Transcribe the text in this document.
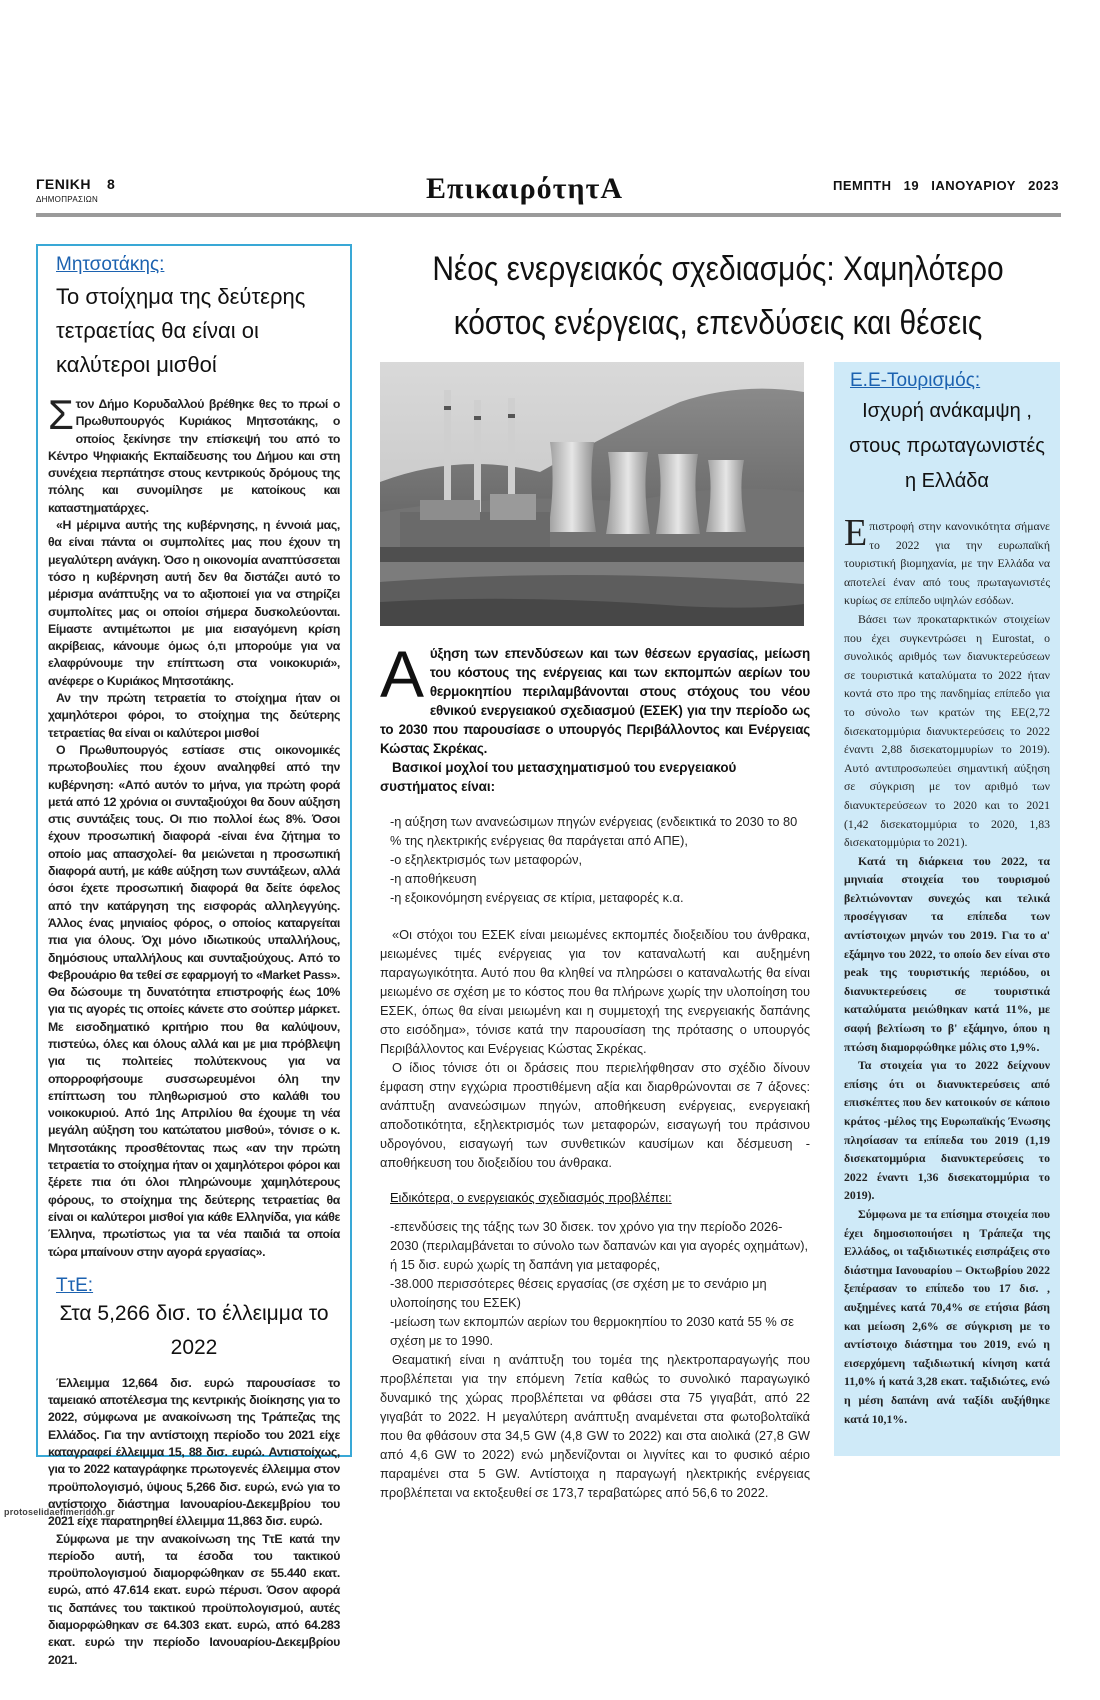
ΓΕΝΙΚΗ 8
ΔΗΜΟΠΡΑΣΙΩΝ	ΕπικαιρότητΑ	ΠΕΜΠΤΗ 19 ΙΑΝΟΥΑΡΙΟΥ 2023
Μητσοτάκης:
Το στοίχημα της δεύτερης τετραετίας θα είναι οι καλύτεροι μισθοί

Στον Δήμο Κορυδαλλού βρέθηκε θες το πρωί ο Πρωθυπουργός Κυριάκος Μητσοτάκης, ο οποίος ξεκίνησε την επίσκεψή του από το Κέντρο Ψηφιακής Εκπαίδευσης του Δήμου και στη συνέχεια περπάτησε στους κεντρικούς δρόμους της πόλης και συνομίλησε με κατοίκους και καταστηματάρχες.

«Η μέριμνα αυτής της κυβέρνησης, η έννοιά μας, θα είναι πάντα οι συμπολίτες μας που έχουν τη μεγαλύτερη ανάγκη. Όσο η οικονομία αναπτύσσεται τόσο η κυβέρνηση αυτή δεν θα διστάζει αυτό το μέρισμα ανάπτυξης να το αξιοποιεί για να στηρίζει συμπολίτες μας οι οποίοι σήμερα δυσκολεύονται. Είμαστε αντιμέτωποι με μια εισαγόμενη κρίση ακρίβειας, κάνουμε όμως ό,τι μπορούμε για να ελαφρύνουμε την επίπτωση στα νοικοκυριά», ανέφερε ο Κυριάκος Μητσοτάκης.

Αν την πρώτη τετραετία το στοίχημα ήταν οι χαμηλότεροι φόροι, το στοίχημα της δεύτερης τετραετίας θα είναι οι καλύτεροι μισθοί

Ο Πρωθυπουργός εστίασε στις οικονομικές πρωτοβουλίες που έχουν αναληφθεί από την κυβέρνηση: «Από αυτόν το μήνα, για πρώτη φορά μετά από 12 χρόνια οι συνταξιούχοι θα δουν αύξηση στις συντάξεις τους. Οι πιο πολλοί έως 8%. Όσοι έχουν προσωπική διαφορά -είναι ένα ζήτημα το οποίο μας απασχολεί- θα μειώνεται η προσωπική διαφορά αυτή, με κάθε αύξηση των συντάξεων, αλλά όσοι έχετε προσωπική διαφορά θα δείτε όφελος από την κατάργηση της εισφοράς αλληλεγγύης. Άλλος ένας μηνιαίος φόρος, ο οποίος καταργείται πια για όλους. Όχι μόνο ιδιωτικούς υπαλλήλους, δημόσιους υπαλλήλους και συνταξιούχους. Από το Φεβρουάριο θα τεθεί σε εφαρμογή το «Market Pass». Θα δώσουμε τη δυνατότητα επιστροφής έως 10% για τις αγορές τις οποίες κάνετε στο σούπερ μάρκετ. Με εισοδηματικό κριτήριο που θα καλύψουν, πιστεύω, όλες και όλους αλλά και με μια πρόβλεψη για τις πολιτείες πολύτεκνους για να οπορροφήσουμε συσσωρευμένοι όλη την επίπτωση του πληθωρισμού στο καλάθι του νοικοκυριού. Από 1ης Απριλίου θα έχουμε τη νέα μεγάλη αύξηση του κατώτατου μισθού», τόνισε ο κ. Μητσοτάκης προσθέτοντας πως «αν την πρώτη τετραετία το στοίχημα ήταν οι χαμηλότεροι φόροι και ξέρετε πια ότι όλοι πληρώνουμε χαμηλότερους φόρους, το στοίχημα της δεύτερης τετραετίας θα είναι οι καλύτεροι μισθοί για κάθε Ελληνίδα, για κάθε Έλληνα, πρωτίστως για τα νέα παιδιά τα οποία τώρα μπαίνουν στην αγορά εργασίας».

ΤτΕ:
Στα 5,266 δισ. το έλλειμμα το 2022

Έλλειμμα 12,664 δισ. ευρώ παρουσίασε το ταμειακό αποτέλεσμα της κεντρικής διοίκησης για το 2022, σύμφωνα με ανακοίνωση της Τράπεζας της Ελλάδος. Για την αντίστοιχη περίοδο του 2021 είχε καταγραφεί έλλειμμα 15, 88 δισ. ευρώ. Αντιστοίχως, για το 2022 καταγράφηκε πρωτογενές έλλειμμα στον προϋπολογισμό, ύψους 5,266 δισ. ευρώ, ενώ για το αντίστοιχο διάστημα Ιανουαρίου-Δεκεμβρίου του 2021 είχε παρατηρηθεί έλλειμμα 11,863 δισ. ευρώ.

Σύμφωνα με την ανακοίνωση της ΤτΕ κατά την περίοδο αυτή, τα έσοδα του τακτικού προϋπολογισμού διαμορφώθηκαν σε 55.440 εκατ. ευρώ, από 47.614 εκατ. ευρώ πέρυσι. Όσον αφορά τις δαπάνες του τακτικού προϋπολογισμού, αυτές διαμορφώθηκαν σε 64.303 εκατ. ευρώ, από 64.283 εκατ. ευρώ την περίοδο Ιανουαρίου-Δεκεμβρίου 2021.

Νέος ενεργειακός σχεδιασμός: Χαμηλότερο κόστος ενέργειας, επενδύσεις και θέσεις
Αύξηση των επενδύσεων και των θέσεων εργασίας, μείωση του κόστους της ενέργειας και των εκπομπών αερίων του θερμοκηπίου περιλαμβάνονται στους στόχους του νέου εθνικού ενεργειακού σχεδιασμού (ΕΣΕΚ) για την περίοδο ως το 2030 που παρουσίασε ο υπουργός Περιβάλλοντος και Ενέργειας Κώστας Σκρέκας.
Βασικοί μοχλοί του μετασχηματισμού του ενεργειακού συστήματος είναι:
-η αύξηση των ανανεώσιμων πηγών ενέργειας (ενδεικτικά το 2030 το 80 % της ηλεκτρικής ενέργειας θα παράγεται από ΑΠΕ),
-ο εξηλεκτρισμός των μεταφορών,
-η αποθήκευση
-η εξοικονόμηση ενέργειας σε κτίρια, μεταφορές κ.α.

«Οι στόχοι του ΕΣΕΚ είναι μειωμένες εκπομπές διοξειδίου του άνθρακα, μειωμένες τιμές ενέργειας για τον καταναλωτή και αυξημένη παραγωγικότητα. Αυτό που θα κληθεί να πληρώσει ο καταναλωτής θα είναι μειωμένο σε σχέση με το κόστος που θα πλήρωνε χωρίς την υλοποίηση του ΕΣΕΚ, όπως θα είναι μειωμένη και η συμμετοχή της ενεργειακής δαπάνης στο εισόδημα», τόνισε κατά την παρουσίαση της πρότασης ο υπουργός Περιβάλλοντος και Ενέργειας Κώστας Σκρέκας.

Ο ίδιος τόνισε ότι οι δράσεις που περιελήφθησαν στο σχέδιο δίνουν έμφαση στην εγχώρια προστιθέμενη αξία και διαρθρώνονται σε 7 άξονες: ανάπτυξη ανανεώσιμων πηγών, αποθήκευση ενέργειας, ενεργειακή αποδοτικότητα, εξηλεκτρισμός των μεταφορών, εισαγωγή του πράσινου υδρογόνου, εισαγωγή των συνθετικών καυσίμων και δέσμευση - αποθήκευση του διοξειδίου του άνθρακα.

Ειδικότερα, ο ενεργειακός σχεδιασμός προβλέπει:
-επενδύσεις της τάξης των 30 δισεκ. τον χρόνο για την περίοδο 2026-2030 (περιλαμβάνεται το σύνολο των δαπανών και για αγορές οχημάτων), ή 15 δισ. ευρώ χωρίς τη δαπάνη για μεταφορές,
-38.000 περισσότερες θέσεις εργασίας (σε σχέση με το σενάριο μη υλοποίησης του ΕΣΕΚ)
-μείωση των εκπομπών αερίων του θερμοκηπίου το 2030 κατά 55 % σε σχέση με το 1990.

Θεαματική είναι η ανάπτυξη του τομέα της ηλεκτροπαραγωγής που προβλέπεται για την επόμενη 7ετία καθώς το συνολικό παραγωγικό δυναμικό της χώρας προβλέπεται να φθάσει στα 75 γιγαβάτ, από 22 γιγαβάτ το 2022. Η μεγαλύτερη ανάπτυξη αναμένεται στα φωτοβολταϊκά που θα φθάσουν στα 34,5 GW (4,8 GW το 2022) και στα αιολικά (27,8 GW από 4,6 GW το 2022) ενώ μηδενίζονται οι λιγνίτες και το φυσικό αέριο παραμένει στα 5 GW. Αντίστοιχα η παραγωγή ηλεκτρικής ενέργειας προβλέπεται να εκτοξευθεί σε 173,7 τεραβατώρες από 56,6 το 2022.

Ε.Ε-Τουρισμός:
Ισχυρή ανάκαμψη , στους πρωταγωνιστές η Ελλάδα

Επιστροφή στην κανονικότητα σήμανε το 2022 για την ευρωπαϊκή τουριστική βιομηχανία, με την Ελλάδα να αποτελεί έναν από τους πρωταγωνιστές κυρίως σε επίπεδο υψηλών εσόδων.

Βάσει των προκαταρκτικών στοιχείων που έχει συγκεντρώσει η Eurostat, ο συνολικός αριθμός των διανυκτερεύσεων σε τουριστικά καταλύματα το 2022 ήταν κοντά στο προ της πανδημίας επίπεδο για το σύνολο των κρατών της ΕΕ(2,72 δισεκατομμύρια διανυκτερεύσεις το 2022 έναντι 2,88 δισεκατομμυρίων το 2019). Αυτό αντιπροσωπεύει σημαντική αύξηση σε σύγκριση με τον αριθμό των διανυκτερεύσεων το 2020 και το 2021 (1,42 δισεκατομμύρια το 2020, 1,83 δισεκατομμύρια το 2021).

Κατά τη διάρκεια του 2022, τα μηνιαία στοιχεία του τουρισμού βελτιώνονταν συνεχώς και τελικά προσέγγισαν τα επίπεδα των αντίστοιχων μηνών του 2019. Για το α' εξάμηνο του 2022, το οποίο δεν είναι στο peak της τουριστικής περιόδου, οι διανυκτερεύσεις σε τουριστικά καταλύματα μειώθηκαν κατά 11%, με σαφή βελτίωση το β' εξάμηνο, όπου η πτώση διαμορφώθηκε μόλις στο 1,9%.

Τα στοιχεία για το 2022 δείχνουν επίσης ότι οι διανυκτερεύσεις από επισκέπτες που δεν κατοικούν σε κάποιο κράτος -μέλος της Ευρωπαϊκής Ένωσης πλησίασαν τα επίπεδα του 2019 (1,19 δισεκατομμύρια διανυκτερεύσεις το 2022 έναντι 1,36 δισεκατομμύρια το 2019).

Σύμφωνα με τα επίσημα στοιχεία που έχει δημοσιοποιήσει η Τράπεζα της Ελλάδος, οι ταξιδιωτικές εισπράξεις στο διάστημα Ιανουαρίου – Οκτωβρίου 2022 ξεπέρασαν το επίπεδο του 17 δισ. , αυξημένες κατά 70,4% σε ετήσια βάση και μείωση 2,6% σε σύγκριση με το αντίστοιχο διάστημα του 2019, ενώ η εισερχόμενη ταξιδιωτική κίνηση κατά 11,0% ή κατά 3,28 εκατ. ταξιδιώτες, ενώ η μέση δαπάνη ανά ταξίδι αυξήθηκε κατά 10,1%.

protoselidaefimeridon.gr
